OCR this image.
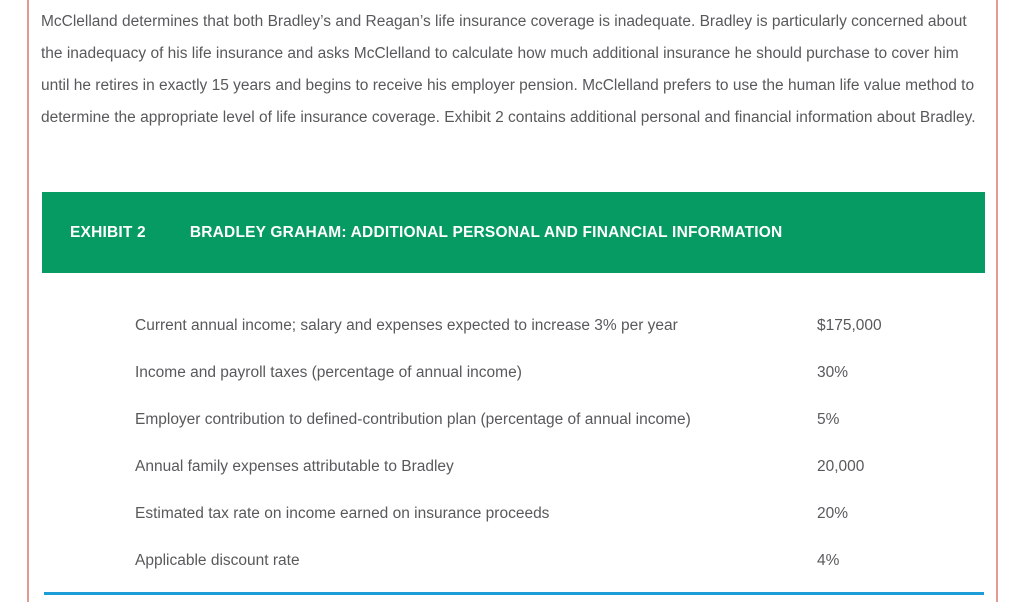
McClelland determines that both Bradley’s and Reagan’s life insurance coverage is inadequate. Bradley is particularly concerned about the inadequacy of his life insurance and asks McClelland to calculate how much additional insurance he should purchase to cover him until he retires in exactly 15 years and begins to receive his employer pension. McClelland prefers to use the human life value method to determine the appropriate level of life insurance coverage. Exhibit 2 contains additional personal and financial information about Bradley.

EXHIBIT 2	BRADLEY GRAHAM: ADDITIONAL PERSONAL AND FINANCIAL INFORMATION
Current annual income; salary and expenses expected to increase 3% per year	$175,000
Income and payroll taxes (percentage of annual income)	30%
Employer contribution to defined-contribution plan (percentage of annual income)	5%
Annual family expenses attributable to Bradley	20,000
Estimated tax rate on income earned on insurance proceeds	20%
Applicable discount rate	4%
